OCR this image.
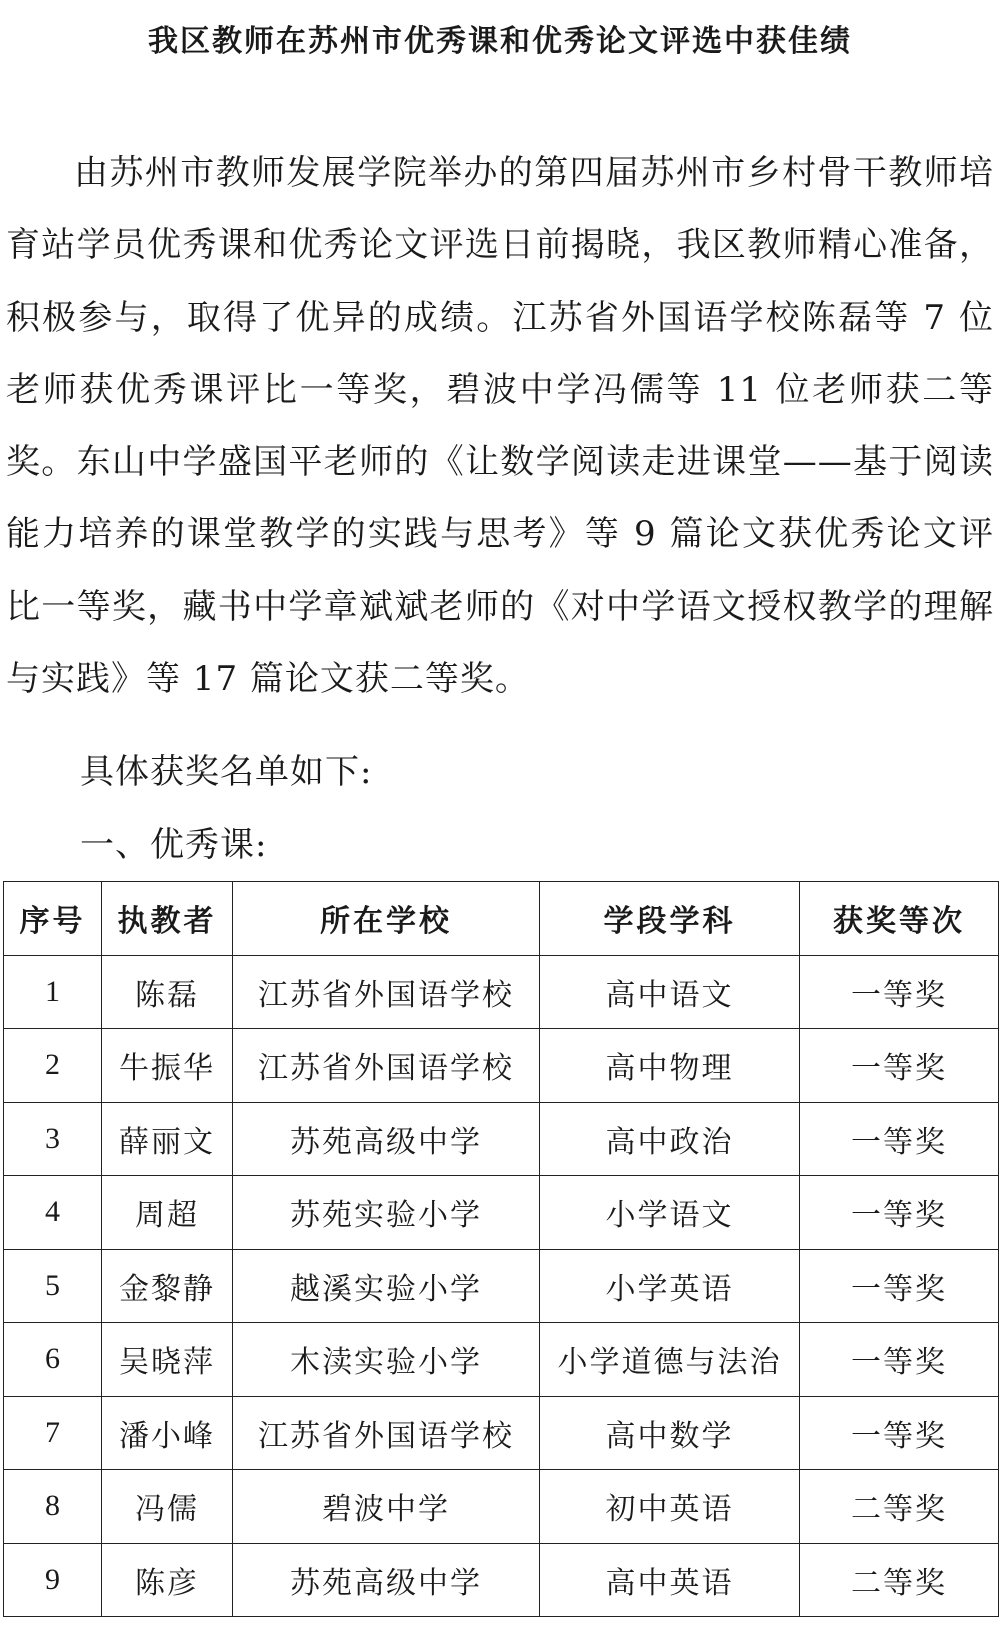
我区教师在苏州市优秀课和优秀论文评选中获佳绩

由苏州市教师发展学院举办的第四届苏州市乡村骨干教师培育站学员优秀课和优秀论文评选日前揭晓，我区教师精心准备，积极参与，取得了优异的成绩。江苏省外国语学校陈磊等 7 位老师获优秀课评比一等奖，碧波中学冯儒等 11 位老师获二等奖。东山中学盛国平老师的《让数学阅读走进课堂——基于阅读能力培养的课堂教学的实践与思考》等 9 篇论文获优秀论文评比一等奖，藏书中学章斌斌老师的《对中学语文授权教学的理解与实践》等 17 篇论文获二等奖。

具体获奖名单如下:

一、优秀课:

序号	执教者	所在学校	学段学科	获奖等次
1	陈磊	江苏省外国语学校	高中语文	一等奖
2	牛振华	江苏省外国语学校	高中物理	一等奖
3	薛丽文	苏苑高级中学	高中政治	一等奖
4	周超	苏苑实验小学	小学语文	一等奖
5	金黎静	越溪实验小学	小学英语	一等奖
6	吴晓萍	木渎实验小学	小学道德与法治	一等奖
7	潘小峰	江苏省外国语学校	高中数学	一等奖
8	冯儒	碧波中学	初中英语	二等奖
9	陈彦	苏苑高级中学	高中英语	二等奖
